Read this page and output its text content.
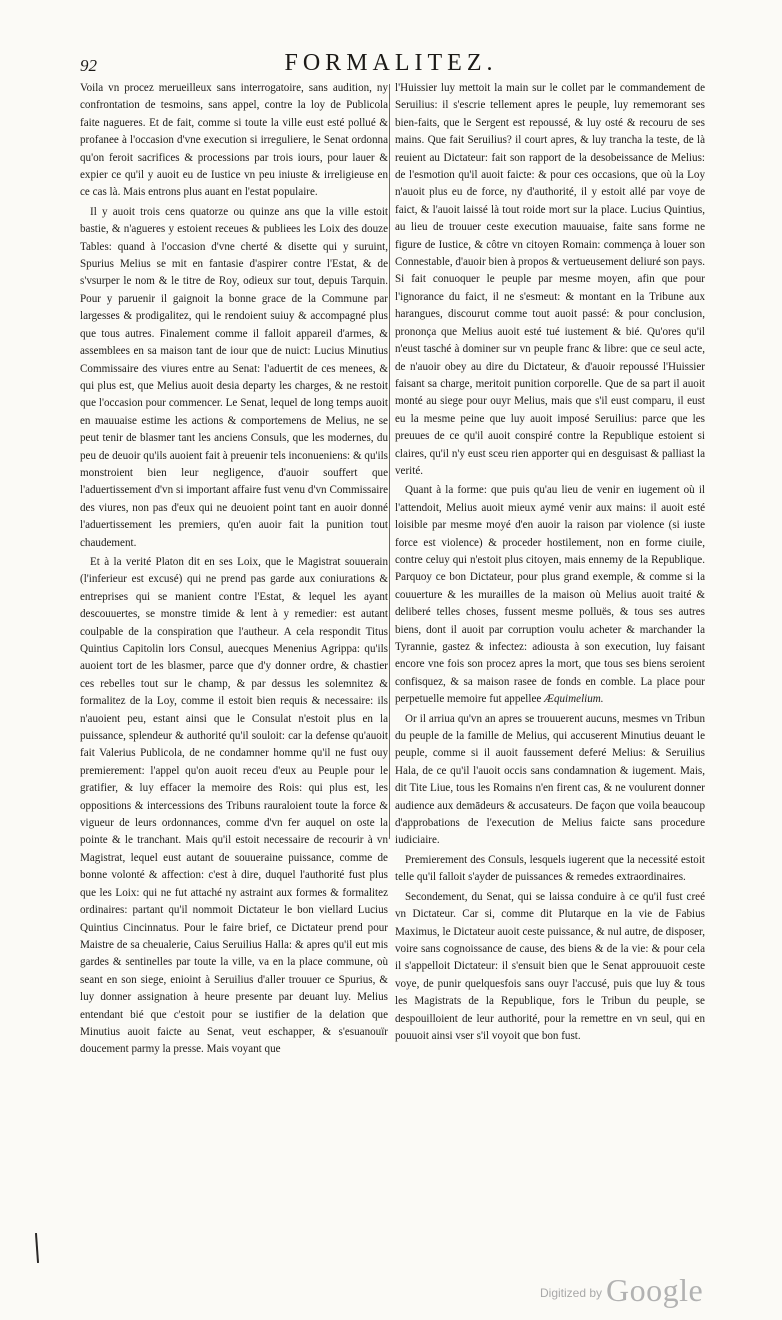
92	FORMALITEZ.

Voila vn procez merueilleux sans interrogatoire, sans audition, ny confrontation de tesmoins, sans appel, contre la loy de Publicola faite nagueres. Et de fait, comme si toute la ville eust esté pollué & profanee à l'occasion d'vne execution si irreguliere, le Senat ordonna qu'on feroit sacrifices & processions par trois iours, pour lauer & expier ce qu'il y auoit eu de Iustice vn peu iniuste & irreligieuse en ce cas là. Mais entrons plus auant en l'estat populaire.

Il y auoit trois cens quatorze ou quinze ans que la ville estoit bastie, & n'agueres y estoient receues & publiees les Loix des douze Tables: quand à l'occasion d'vne cherté & disette qui y suruint, Spurius Melius se mit en fantasie d'aspirer contre l'Estat, & de s'vsurper le nom & le titre de Roy, odieux sur tout, depuis Tarquin. Pour y paruenir il gaignoit la bonne grace de la Commune par largesses & prodigalitez, qui le rendoient suiuy & accompagné plus que tous autres. Finalement comme il falloit appareil d'armes, & assemblees en sa maison tant de iour que de nuict: Lucius Minutius Commissaire des viures entre au Senat: l'aduertit de ces menees, & qui plus est, que Melius auoit desia departy les charges, & ne restoit que l'occasion pour commencer. Le Senat, lequel de long temps auoit en mauuaise estime les actions & comportemens de Melius, ne se peut tenir de blasmer tant les anciens Consuls, que les modernes, du peu de deuoir qu'ils auoient fait à preuenir tels inconueniens: & qu'ils monstroient bien leur negligence, d'auoir souffert que l'aduertissement d'vn si important affaire fust venu d'vn Commissaire des viures, non pas d'eux qui ne deuoient point tant en auoir donné l'aduertissement les premiers, qu'en auoir fait la punition tout chaudement.

Et à la verité Platon dit en ses Loix, que le Magistrat souuerain (l'inferieur est excusé) qui ne prend pas garde aux coniurations & entreprises qui se manient contre l'Estat, & lequel les ayant descouuertes, se monstre timide & lent à y remedier: est autant coulpable de la conspiration que l'autheur. A cela respondit Titus Quintius Capitolin lors Consul, auecques Menenius Agrippa: qu'ils auoient tort de les blasmer, parce que d'y donner ordre, & chastier ces rebelles tout sur le champ, & par dessus les solemnitez & formalitez de la Loy, comme il estoit bien requis & necessaire: ils n'auoient peu, estant ainsi que le Consulat n'estoit plus en la puissance, splendeur & authorité qu'il souloit: car la defense qu'auoit fait Valerius Publicola, de ne condamner homme qu'il ne fust ouy premierement: l'appel qu'on auoit receu d'eux au Peuple pour le gratifier, & luy effacer la memoire des Rois: qui plus est, les oppositions & intercessions des Tribuns rauraloient toute la force & vigueur de leurs ordonnances, comme d'vn fer auquel on oste la pointe & le tranchant. Mais qu'il estoit necessaire de recourir à vn Magistrat, lequel eust autant de souueraine puissance, comme de bonne volonté & affection: c'est à dire, duquel l'authorité fust plus que les Loix: qui ne fut attaché ny astraint aux formes & formalitez ordinaires: partant qu'il nommoit Dictateur le bon viellard Lucius Quintius Cincinnatus. Pour le faire brief, ce Dictateur prend pour Maistre de sa cheualerie, Caius Seruilius Halla: & apres qu'il eut mis gardes & sentinelles par toute la ville, va en la place commune, où seant en son siege, enioint à Seruilius d'aller trouuer ce Spurius, & luy donner assignation à heure presente par deuant luy. Melius entendant bié que c'estoit pour se iustifier de la delation que Minutius auoit faicte au Senat, veut eschapper, & s'esuanouïr doucement parmy la presse. Mais voyant que

l'Huissier luy mettoit la main sur le collet par le commandement de Seruilius: il s'escrie tellement apres le peuple, luy rememorant ses bien-faits, que le Sergent est repoussé, & luy osté & recouru de ses mains. Que fait Seruilius? il court apres, & luy trancha la teste, de là reuient au Dictateur: fait son rapport de la desobeissance de Melius: de l'esmotion qu'il auoit faicte: & pour ces occasions, que où la Loy n'auoit plus eu de force, ny d'authorité, il y estoit allé par voye de faict, & l'auoit laissé là tout roide mort sur la place. Lucius Quintius, au lieu de trouuer ceste execution mauuaise, faite sans forme ne figure de Iustice, & côtre vn citoyen Romain: commença à louer son Connestable, d'auoir bien à propos & vertueusement deliuré son pays. Si fait conuoquer le peuple par mesme moyen, afin que pour l'ignorance du faict, il ne s'esmeut: & montant en la Tribune aux harangues, discourut comme tout auoit passé: & pour conclusion, prononça que Melius auoit esté tué iustement & bié. Qu'ores qu'il n'eust tasché à dominer sur vn peuple franc & libre: que ce seul acte, de n'auoir obey au dire du Dictateur, & d'auoir repoussé l'Huissier faisant sa charge, meritoit punition corporelle. Que de sa part il auoit monté au siege pour ouyr Melius, mais que s'il eust comparu, il eust eu la mesme peine que luy auoit imposé Seruilius: parce que les preuues de ce qu'il auoit conspiré contre la Republique estoient si claires, qu'il n'y eust sceu rien apporter qui en desguisast & palliast la verité.

Quant à la forme: que puis qu'au lieu de venir en iugement où il l'attendoit, Melius auoit mieux aymé venir aux mains: il auoit esté loisible par mesme moyé d'en auoir la raison par violence (si iuste force est violence) & proceder hostilement, non en forme ciuile, contre celuy qui n'estoit plus citoyen, mais ennemy de la Republique. Parquoy ce bon Dictateur, pour plus grand exemple, & comme si la couuerture & les murailles de la maison où Melius auoit traité & deliberé telles choses, fussent mesme polluës, & tous ses autres biens, dont il auoit par corruption voulu acheter & marchander la Tyrannie, gastez & infectez: adiousta à son execution, luy faisant encore vne fois son procez apres la mort, que tous ses biens seroient confisquez, & sa maison rasee de fonds en comble. La place pour perpetuelle memoire fut appellee Æquimelium.

Or il arriua qu'vn an apres se trouuerent aucuns, mesmes vn Tribun du peuple de la famille de Melius, qui accuserent Minutius deuant le peuple, comme si il auoit faussement deferé Melius: & Seruilius Hala, de ce qu'il l'auoit occis sans condamnation & iugement. Mais, dit Tite Liue, tous les Romains n'en firent cas, & ne voulurent donner audience aux demādeurs & accusateurs. De façon que voila beaucoup d'approbations de l'execution de Melius faicte sans procedure iudiciaire.

Premierement des Consuls, lesquels iugerent que la necessité estoit telle qu'il falloit s'ayder de puissances & remedes extraordinaires.

Secondement, du Senat, qui se laissa conduire à ce qu'il fust creé vn Dictateur. Car si, comme dit Plutarque en la vie de Fabius Maximus, le Dictateur auoit ceste puissance, & nul autre, de disposer, voire sans cognoissance de cause, des biens & de la vie: & pour cela il s'appelloit Dictateur: il s'ensuit bien que le Senat approuuoit ceste voye, de punir quelquesfois sans ouyr l'accusé, puis que luy & tous les Magistrats de la Republique, fors le Tribun du peuple, se despouilloient de leur authorité, pour la remettre en vn seul, qui en pouuoit ainsi vser s'il voyoit que bon fust.

$^{Digitized by}$ Google
